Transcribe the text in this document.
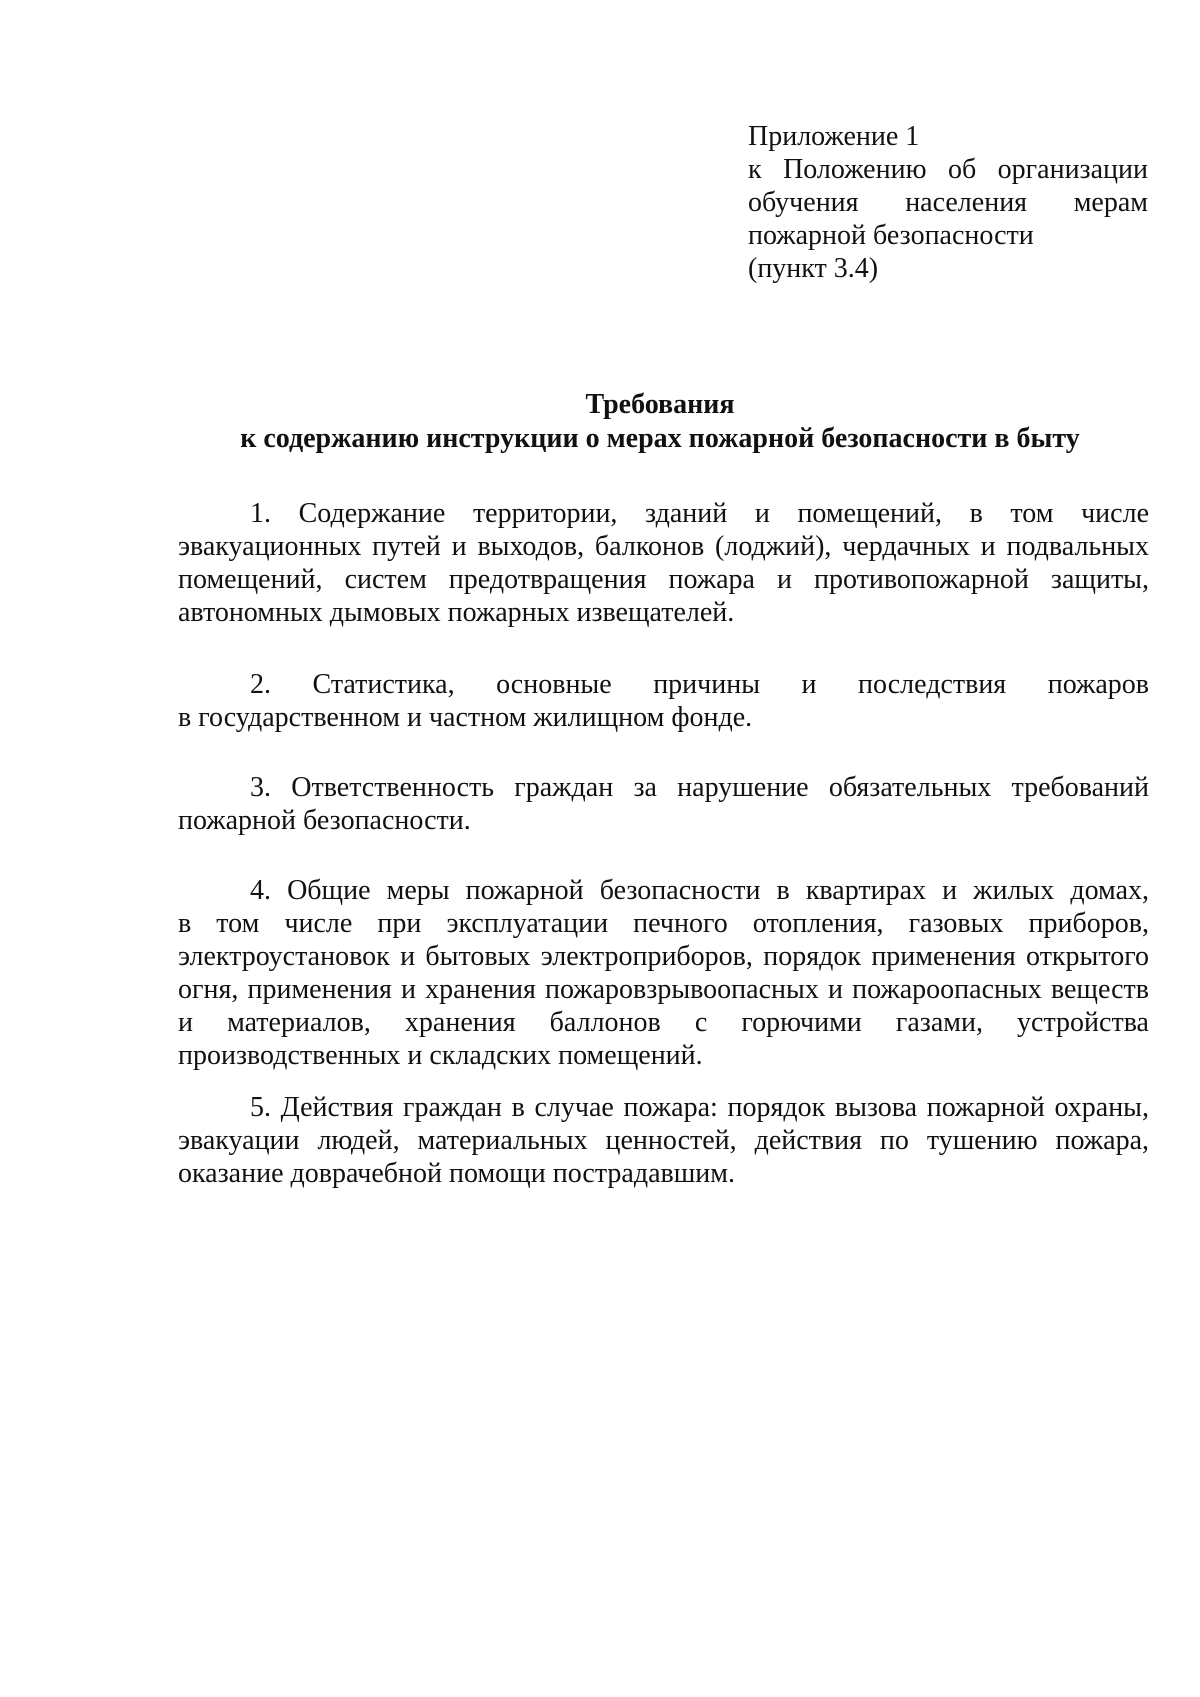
Приложение 1
к Положению об организации
обучения населения мерам
пожарной безопасности
(пункт 3.4)
Требования
к содержанию инструкции о мерах пожарной безопасности в быту
1. Содержание территории, зданий и помещений, в том числе
эвакуационных путей и выходов, балконов (лоджий), чердачных и подвальных
помещений, систем предотвращения пожара и противопожарной защиты,
автономных дымовых пожарных извещателей.
2. Статистика, основные причины и последствия пожаров
в государственном и частном жилищном фонде.
3. Ответственность граждан за нарушение обязательных требований
пожарной безопасности.
4. Общие меры пожарной безопасности в квартирах и жилых домах,
в том числе при эксплуатации печного отопления, газовых приборов,
электроустановок и бытовых электроприборов, порядок применения открытого
огня, применения и хранения пожаровзрывоопасных и пожароопасных веществ
и материалов, хранения баллонов с горючими газами, устройства
производственных и складских помещений.
5. Действия граждан в случае пожара: порядок вызова пожарной охраны,
эвакуации людей, материальных ценностей, действия по тушению пожара,
оказание доврачебной помощи пострадавшим.
